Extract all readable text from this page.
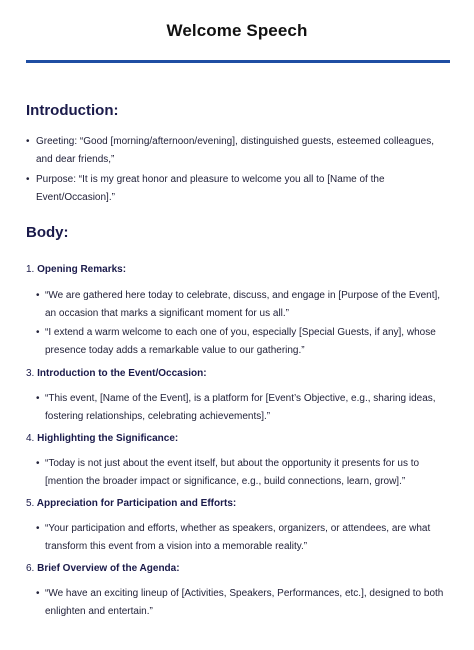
Welcome Speech
Introduction:
• Greeting: “Good [morning/afternoon/evening], distinguished guests, esteemed colleagues, and dear friends,”
• Purpose: “It is my great honor and pleasure to welcome you all to [Name of the Event/Occasion].”
Body:
1. Opening Remarks:
• “We are gathered here today to celebrate, discuss, and engage in [Purpose of the Event], an occasion that marks a significant moment for us all.”
• “I extend a warm welcome to each one of you, especially [Special Guests, if any], whose presence today adds a remarkable value to our gathering.”
3. Introduction to the Event/Occasion:
• “This event, [Name of the Event], is a platform for [Event’s Objective, e.g., sharing ideas, fostering relationships, celebrating achievements].”
4. Highlighting the Significance:
• “Today is not just about the event itself, but about the opportunity it presents for us to [mention the broader impact or significance, e.g., build connections, learn, grow].”
5. Appreciation for Participation and Efforts:
• “Your participation and efforts, whether as speakers, organizers, or attendees, are what transform this event from a vision into a memorable reality.”
6. Brief Overview of the Agenda:
• “We have an exciting lineup of [Activities, Speakers, Performances, etc.], designed to both enlighten and entertain.”
